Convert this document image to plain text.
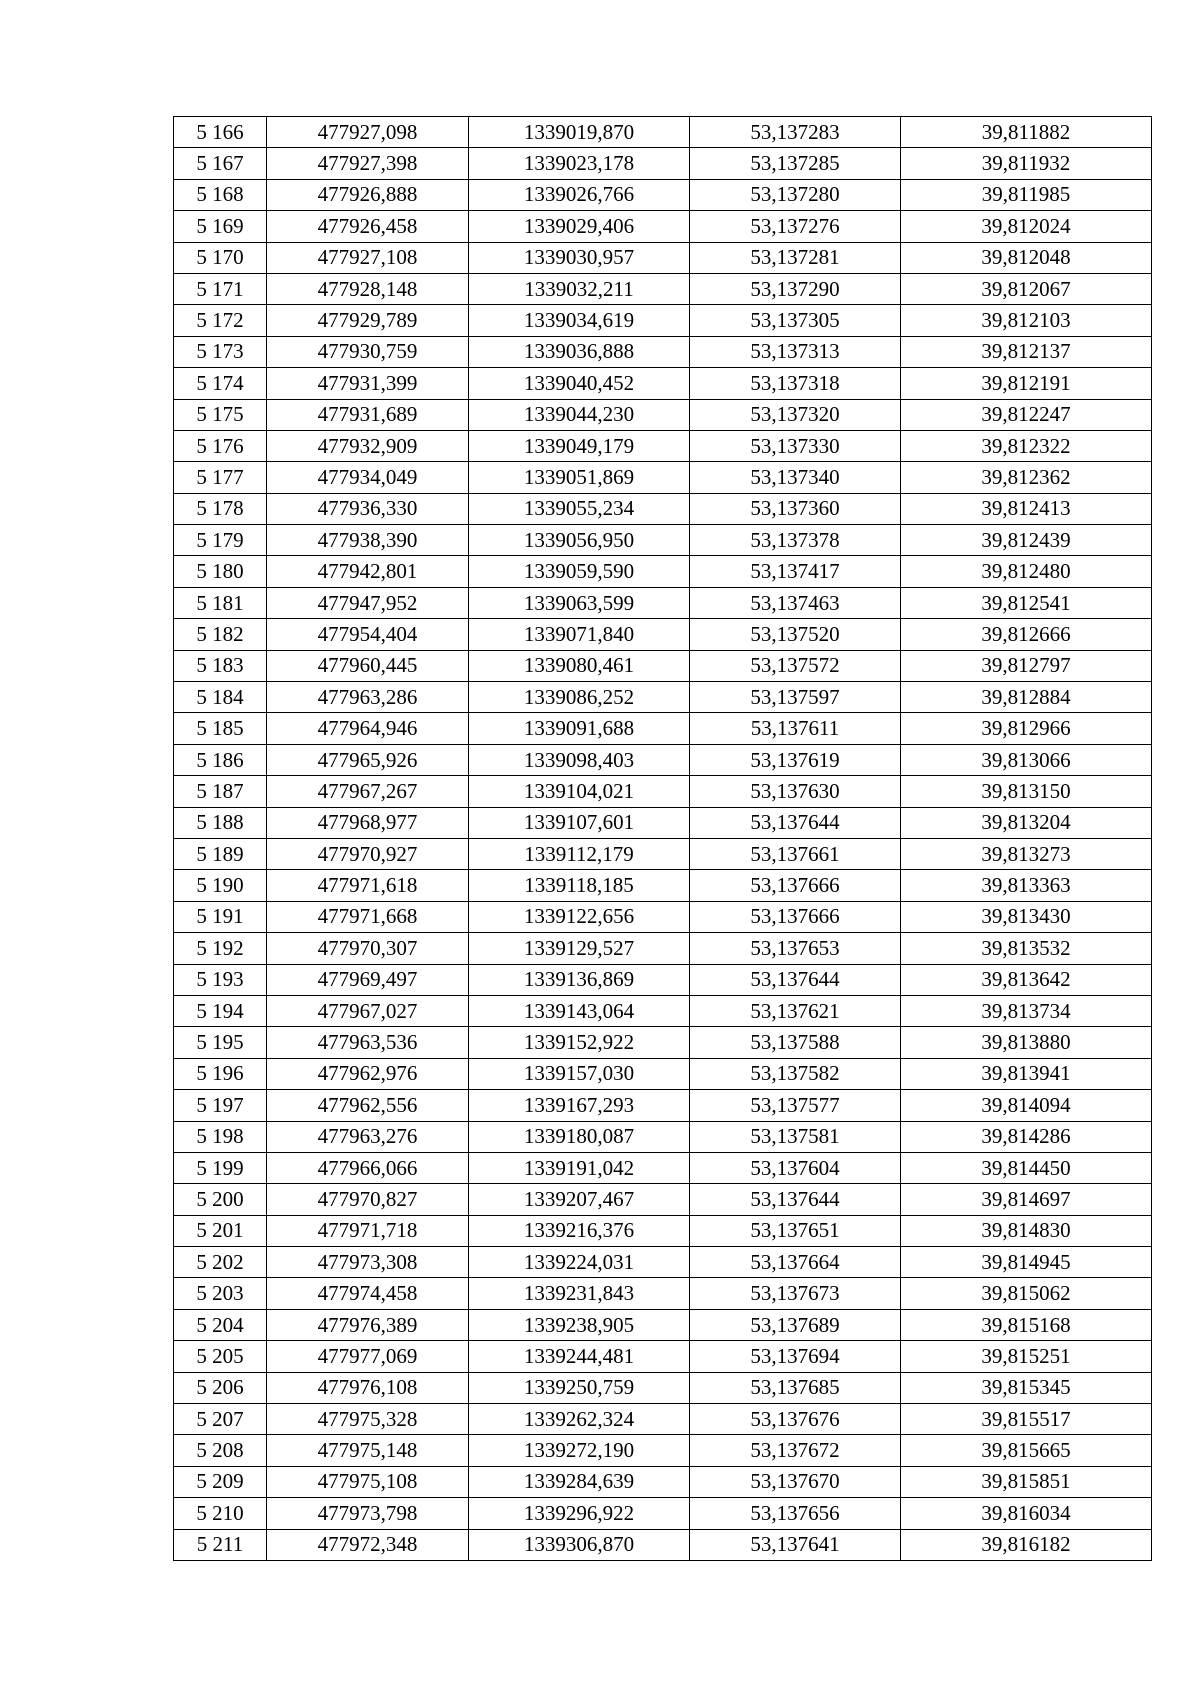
5 166	477927,098	1339019,870	53,137283	39,811882
5 167	477927,398	1339023,178	53,137285	39,811932
5 168	477926,888	1339026,766	53,137280	39,811985
5 169	477926,458	1339029,406	53,137276	39,812024
5 170	477927,108	1339030,957	53,137281	39,812048
5 171	477928,148	1339032,211	53,137290	39,812067
5 172	477929,789	1339034,619	53,137305	39,812103
5 173	477930,759	1339036,888	53,137313	39,812137
5 174	477931,399	1339040,452	53,137318	39,812191
5 175	477931,689	1339044,230	53,137320	39,812247
5 176	477932,909	1339049,179	53,137330	39,812322
5 177	477934,049	1339051,869	53,137340	39,812362
5 178	477936,330	1339055,234	53,137360	39,812413
5 179	477938,390	1339056,950	53,137378	39,812439
5 180	477942,801	1339059,590	53,137417	39,812480
5 181	477947,952	1339063,599	53,137463	39,812541
5 182	477954,404	1339071,840	53,137520	39,812666
5 183	477960,445	1339080,461	53,137572	39,812797
5 184	477963,286	1339086,252	53,137597	39,812884
5 185	477964,946	1339091,688	53,137611	39,812966
5 186	477965,926	1339098,403	53,137619	39,813066
5 187	477967,267	1339104,021	53,137630	39,813150
5 188	477968,977	1339107,601	53,137644	39,813204
5 189	477970,927	1339112,179	53,137661	39,813273
5 190	477971,618	1339118,185	53,137666	39,813363
5 191	477971,668	1339122,656	53,137666	39,813430
5 192	477970,307	1339129,527	53,137653	39,813532
5 193	477969,497	1339136,869	53,137644	39,813642
5 194	477967,027	1339143,064	53,137621	39,813734
5 195	477963,536	1339152,922	53,137588	39,813880
5 196	477962,976	1339157,030	53,137582	39,813941
5 197	477962,556	1339167,293	53,137577	39,814094
5 198	477963,276	1339180,087	53,137581	39,814286
5 199	477966,066	1339191,042	53,137604	39,814450
5 200	477970,827	1339207,467	53,137644	39,814697
5 201	477971,718	1339216,376	53,137651	39,814830
5 202	477973,308	1339224,031	53,137664	39,814945
5 203	477974,458	1339231,843	53,137673	39,815062
5 204	477976,389	1339238,905	53,137689	39,815168
5 205	477977,069	1339244,481	53,137694	39,815251
5 206	477976,108	1339250,759	53,137685	39,815345
5 207	477975,328	1339262,324	53,137676	39,815517
5 208	477975,148	1339272,190	53,137672	39,815665
5 209	477975,108	1339284,639	53,137670	39,815851
5 210	477973,798	1339296,922	53,137656	39,816034
5 211	477972,348	1339306,870	53,137641	39,816182
